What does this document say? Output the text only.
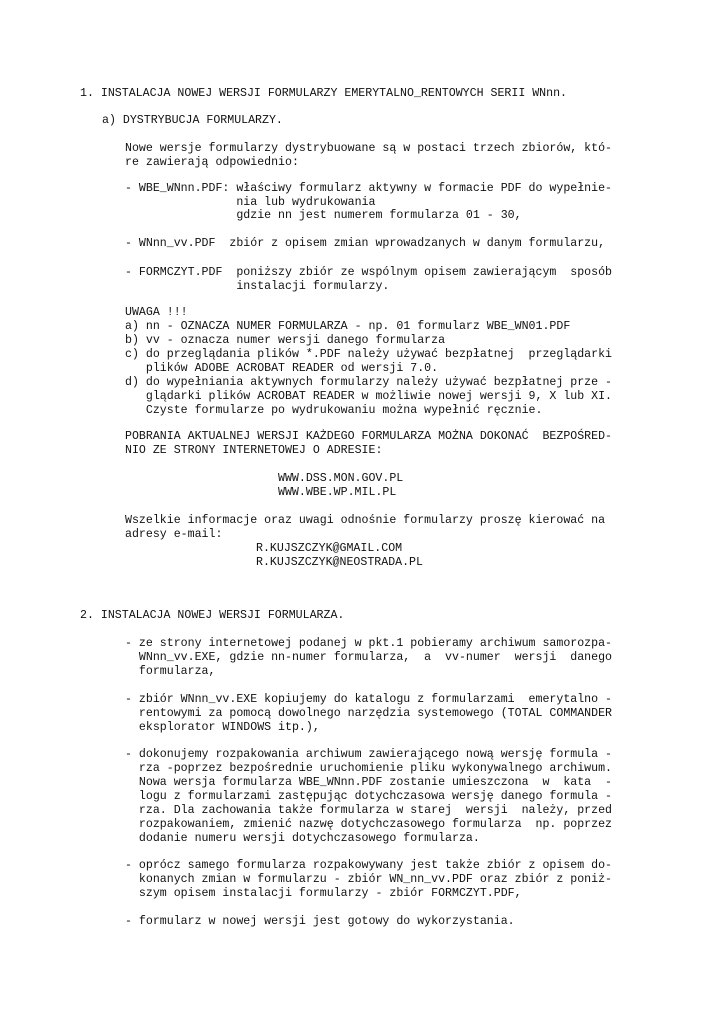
1. INSTALACJA NOWEJ WERSJI FORMULARZY EMERYTALNO_RENTOWYCH SERII WNnn.
a) DYSTRYBUCJA FORMULARZY.
Nowe wersje formularzy dystrybuowane są w postaci trzech zbiorów, któ-
re zawierają odpowiednio:
- WBE_WNnn.PDF: właściwy formularz aktywny w formacie PDF do wypełnie-
nia lub wydrukowania
gdzie nn jest numerem formularza 01 - 30,
- WNnn_vv.PDF  zbiór z opisem zmian wprowadzanych w danym formularzu,
- FORMCZYT.PDF  poniższy zbiór ze wspólnym opisem zawierającym  sposób
instalacji formularzy.
UWAGA !!!
a) nn - OZNACZA NUMER FORMULARZA - np. 01 formularz WBE_WN01.PDF
b) vv - oznacza numer wersji danego formularza
c) do przeglądania plików *.PDF należy używać bezpłatnej  przeglądarki
plików ADOBE ACROBAT READER od wersji 7.0.
d) do wypełniania aktywnych formularzy należy używać bezpłatnej prze -
glądarki plików ACROBAT READER w możliwie nowej wersji 9, X lub XI.
Czyste formularze po wydrukowaniu można wypełnić ręcznie.
POBRANIA AKTUALNEJ WERSJI KAŻDEGO FORMULARZA MOŻNA DOKONAĆ  BEZPOŚRED-
NIO ZE STRONY INTERNETOWEJ O ADRESIE:
WWW.DSS.MON.GOV.PL
WWW.WBE.WP.MIL.PL
Wszelkie informacje oraz uwagi odnośnie formularzy proszę kierować na
adresy e-mail:
R.KUJSZCZYK@GMAIL.COM
R.KUJSZCZYK@NEOSTRADA.PL
2. INSTALACJA NOWEJ WERSJI FORMULARZA.
- ze strony internetowej podanej w pkt.1 pobieramy archiwum samorozpa-
WNnn_vv.EXE, gdzie nn-numer formularza,  a  vv-numer  wersji  danego
formularza,
- zbiór WNnn_vv.EXE kopiujemy do katalogu z formularzami  emerytalno -
rentowymi za pomocą dowolnego narzędzia systemowego (TOTAL COMMANDER
eksplorator WINDOWS itp.),
- dokonujemy rozpakowania archiwum zawierającego nową wersję formula -
rza -poprzez bezpośrednie uruchomienie pliku wykonywalnego archiwum.
Nowa wersja formularza WBE_WNnn.PDF zostanie umieszczona  w  kata  -
logu z formularzami zastępując dotychczasowa wersję danego formula -
rza. Dla zachowania także formularza w starej  wersji  należy, przed
rozpakowaniem, zmienić nazwę dotychczasowego formularza  np. poprzez
dodanie numeru wersji dotychczasowego formularza.
- oprócz samego formularza rozpakowywany jest także zbiór z opisem do-
konanych zmian w formularzu - zbiór WN_nn_vv.PDF oraz zbiór z poniż-
szym opisem instalacji formularzy - zbiór FORMCZYT.PDF,
- formularz w nowej wersji jest gotowy do wykorzystania.
